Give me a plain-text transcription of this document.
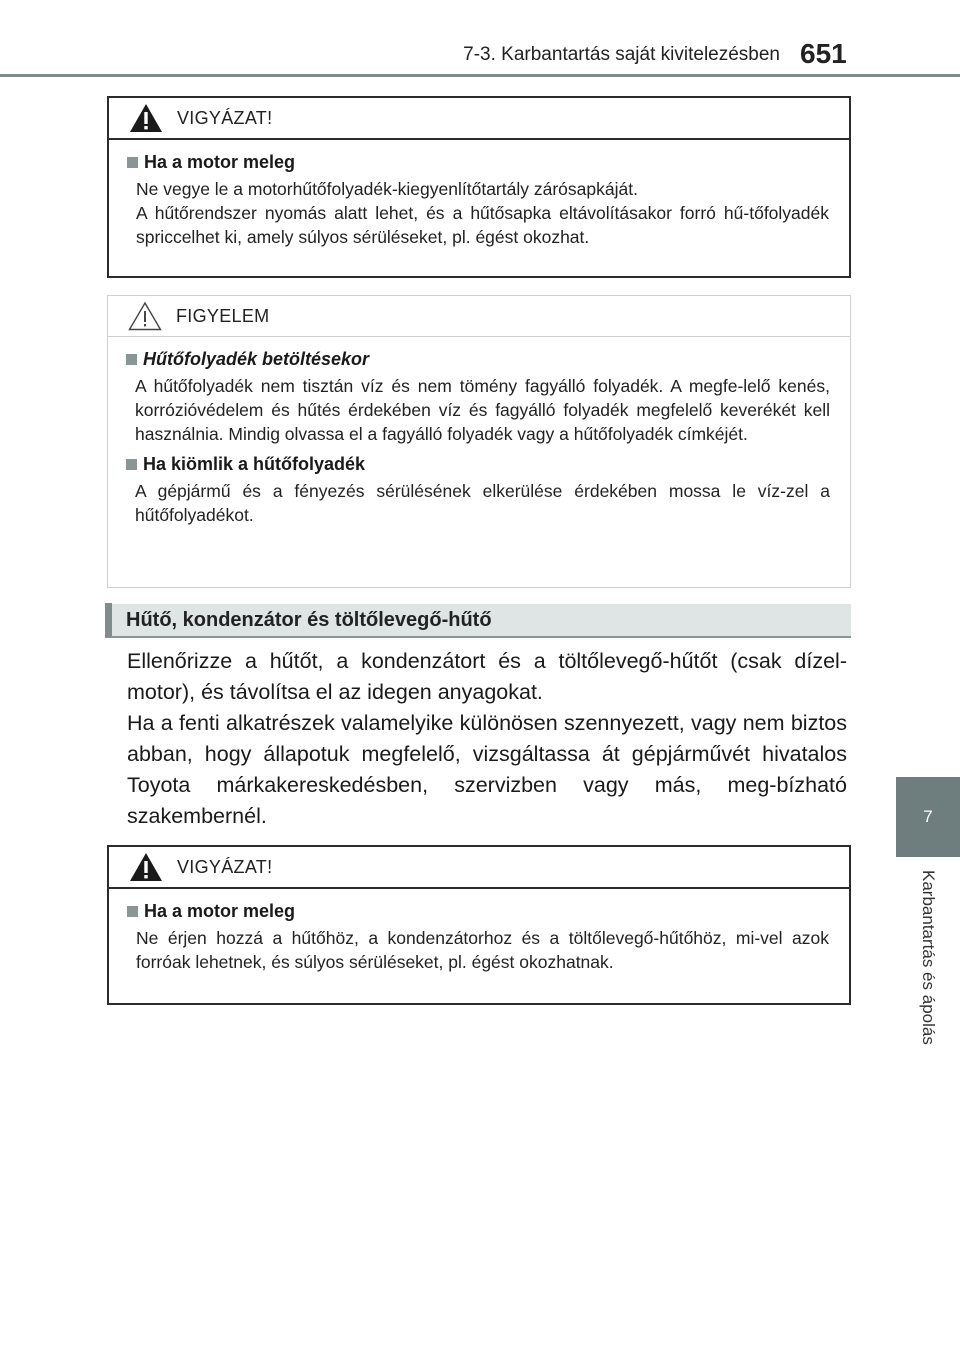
7-3. Karbantartás saját kivitelezésben 651
7
Karbantartás és ápolás
VIGYÁZAT!
Ha a motor meleg

Ne vegye le a motorhűtőfolyadék-kiegyenlítőtartály zárósapkáját.

A hűtőrendszer nyomás alatt lehet, és a hűtősapka eltávolításakor forró hű-tőfolyadék spriccelhet ki, amely súlyos sérüléseket, pl. égést okozhat.

FIGYELEM
Hűtőfolyadék betöltésekor

A hűtőfolyadék nem tisztán víz és nem tömény fagyálló folyadék. A megfe-lelő kenés, korrózióvédelem és hűtés érdekében víz és fagyálló folyadék megfelelő keverékét kell használnia. Mindig olvassa el a fagyálló folyadék vagy a hűtőfolyadék címkéjét.

Ha kiömlik a hűtőfolyadék

A gépjármű és a fényezés sérülésének elkerülése érdekében mossa le víz-zel a hűtőfolyadékot.

Hűtő, kondenzátor és töltőlevegő-hűtő

Ellenőrizze a hűtőt, a kondenzátort és a töltőlevegő-hűtőt (csak dízel-motor), és távolítsa el az idegen anyagokat.

Ha a fenti alkatrészek valamelyike különösen szennyezett, vagy nem biztos abban, hogy állapotuk megfelelő, vizsgáltassa át gépjárművét hivatalos Toyota márkakereskedésben, szervizben vagy más, meg-bízható szakembernél.

VIGYÁZAT!
Ha a motor meleg

Ne érjen hozzá a hűtőhöz, a kondenzátorhoz és a töltőlevegő-hűtőhöz, mi-vel azok forróak lehetnek, és súlyos sérüléseket, pl. égést okozhatnak.
